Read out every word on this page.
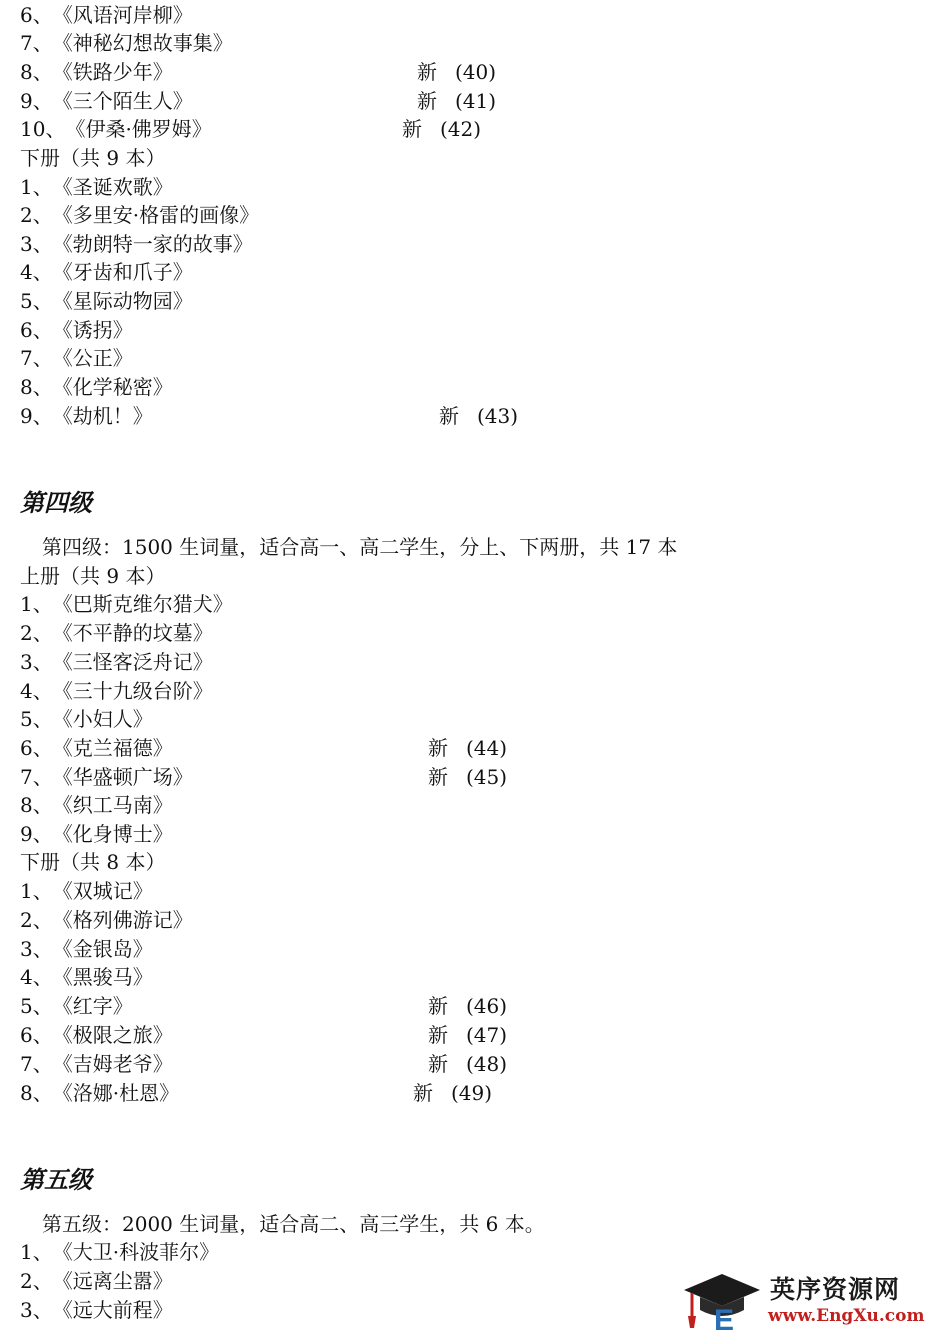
6、《风语河岸柳》
7、《神秘幻想故事集》
8、《铁路少年》	新 (40)
9、《三个陌生人》	新 (41)
10、《伊桑·佛罗姆》	新 (42)
下册（共 9 本）
1、《圣诞欢歌》
2、《多里安·格雷的画像》
3、《勃朗特一家的故事》
4、《牙齿和爪子》
5、《星际动物园》
6、《诱拐》
7、《公正》
8、《化学秘密》
9、《劫机！》	新 (43)
第四级
第四级：1500 生词量，适合高一、高二学生，分上、下两册，共 17 本
上册（共 9 本）
1、《巴斯克维尔猎犬》
2、《不平静的坟墓》
3、《三怪客泛舟记》
4、《三十九级台阶》
5、《小妇人》
6、《克兰福德》	新 (44)
7、《华盛顿广场》	新 (45)
8、《织工马南》
9、《化身博士》
下册（共 8 本）
1、《双城记》
2、《格列佛游记》
3、《金银岛》
4、《黑骏马》
5、《红字》	新 (46)
6、《极限之旅》	新 (47)
7、《吉姆老爷》	新 (48)
8、《洛娜·杜恩》	新 (49)
第五级
第五级：2000 生词量，适合高二、高三学生，共 6 本。
1、《大卫·科波菲尔》
2、《远离尘嚣》
3、《远大前程》	E
英序资源网
www.EngXu.com
